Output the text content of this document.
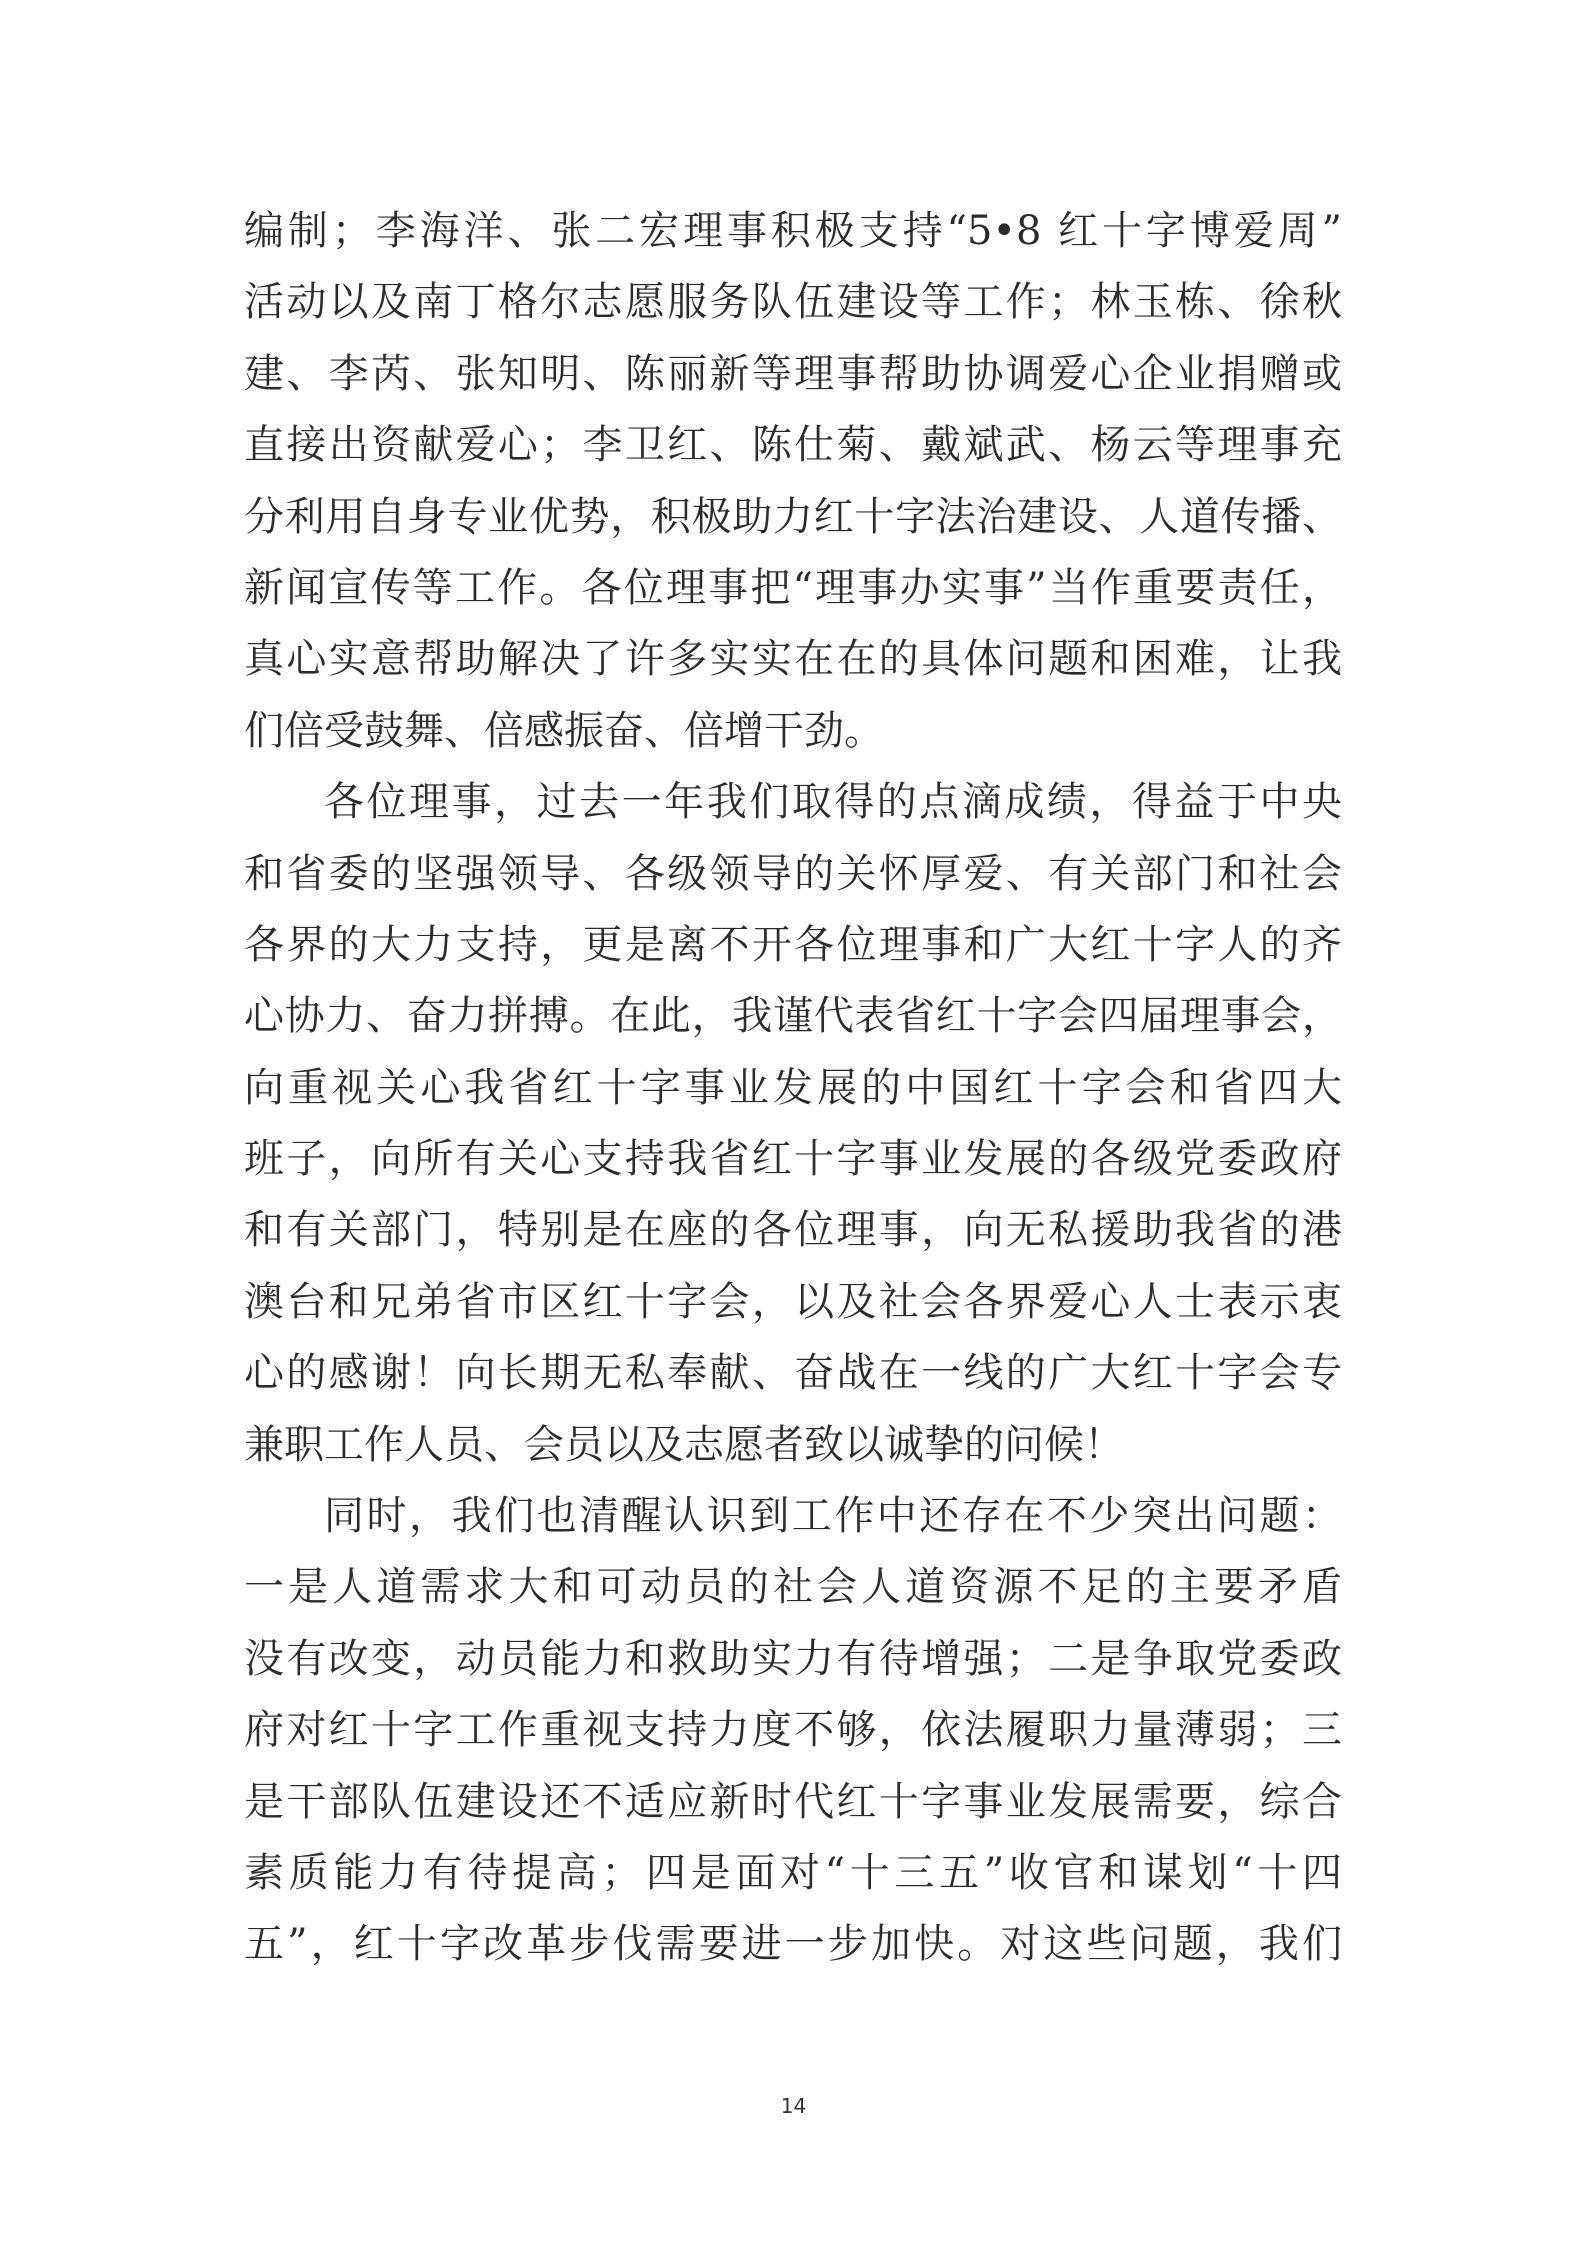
编制；李海洋、张二宏理事积极支持“5•8 红十字博爱周”
活动以及南丁格尔志愿服务队伍建设等工作；林玉栋、徐秋
建、李芮、张知明、陈丽新等理事帮助协调爱心企业捐赠或
直接出资献爱心；李卫红、陈仕菊、戴斌武、杨云等理事充
分利用自身专业优势，积极助力红十字法治建设、人道传播、
新闻宣传等工作。各位理事把“理事办实事”当作重要责任，
真心实意帮助解决了许多实实在在的具体问题和困难，让我
们倍受鼓舞、倍感振奋、倍增干劲。
各位理事，过去一年我们取得的点滴成绩，得益于中央
和省委的坚强领导、各级领导的关怀厚爱、有关部门和社会
各界的大力支持，更是离不开各位理事和广大红十字人的齐
心协力、奋力拼搏。在此，我谨代表省红十字会四届理事会，
向重视关心我省红十字事业发展的中国红十字会和省四大
班子，向所有关心支持我省红十字事业发展的各级党委政府
和有关部门，特别是在座的各位理事，向无私援助我省的港
澳台和兄弟省市区红十字会，以及社会各界爱心人士表示衷
心的感谢！向长期无私奉献、奋战在一线的广大红十字会专
兼职工作人员、会员以及志愿者致以诚挚的问候！
同时，我们也清醒认识到工作中还存在不少突出问题：
一是人道需求大和可动员的社会人道资源不足的主要矛盾
没有改变，动员能力和救助实力有待增强；二是争取党委政
府对红十字工作重视支持力度不够，依法履职力量薄弱；三
是干部队伍建设还不适应新时代红十字事业发展需要，综合
素质能力有待提高；四是面对“十三五”收官和谋划“十四
五”，红十字改革步伐需要进一步加快。对这些问题，我们
14
